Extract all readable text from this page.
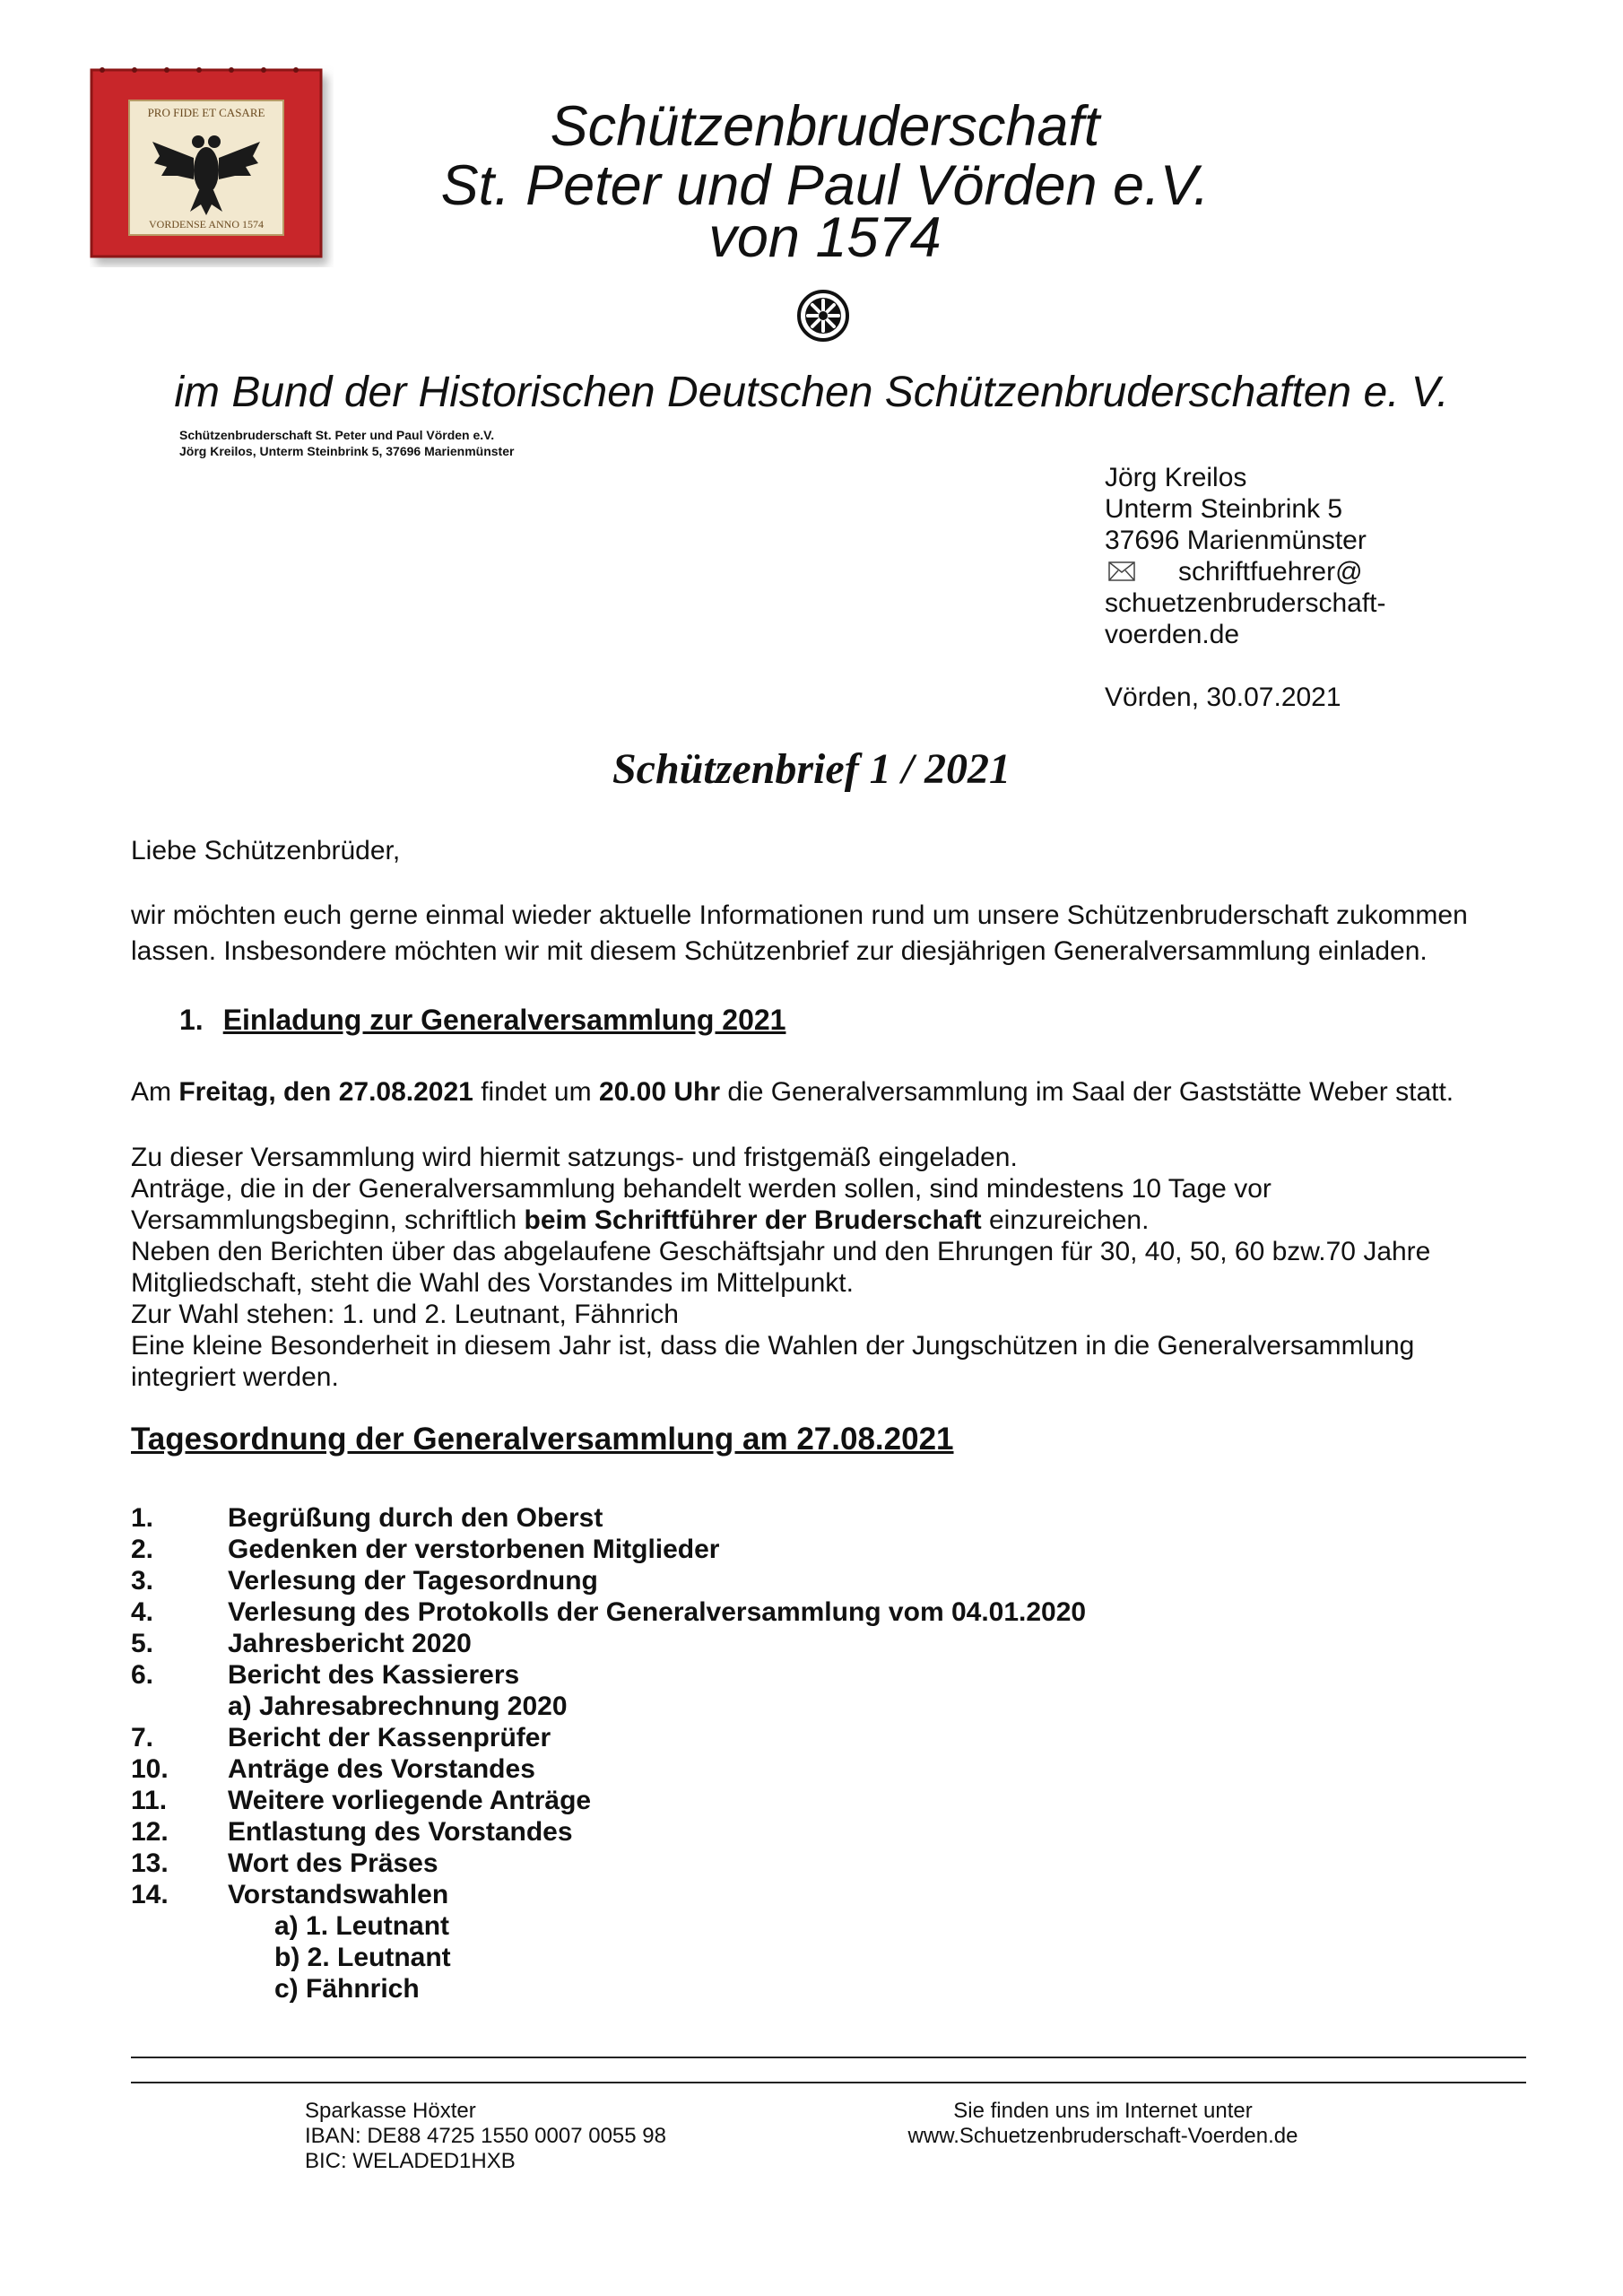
PRO FIDE ET CASARE
VORDENSE ANNO 1574
Schützenbruderschaft
St. Peter und Paul Vörden e.V.
von 1574
im Bund der Historischen Deutschen Schützenbruderschaften e. V.
Schützenbruderschaft St. Peter und Paul Vörden e.V.
Jörg Kreilos, Unterm Steinbrink 5, 37696 Marienmünster
Jörg Kreilos
Unterm Steinbrink 5
37696 Marienmünster
schriftfuehrer@
schuetzenbruderschaft-
voerden.de
Vörden, 30.07.2021
Schützenbrief 1 / 2021
Liebe Schützenbrüder,
wir möchten euch gerne einmal wieder aktuelle Informationen rund um unsere Schützenbruderschaft zukommen
lassen. Insbesondere möchten wir mit diesem Schützenbrief zur diesjährigen Generalversammlung einladen.
1. Einladung zur Generalversammlung 2021
Am Freitag, den 27.08.2021 findet um 20.00 Uhr die Generalversammlung im Saal der Gaststätte Weber statt.
Zu dieser Versammlung wird hiermit satzungs- und fristgemäß eingeladen.
Anträge, die in der Generalversammlung behandelt werden sollen, sind mindestens 10 Tage vor
Versammlungsbeginn, schriftlich beim Schriftführer der Bruderschaft einzureichen.
Neben den Berichten über das abgelaufene Geschäftsjahr und den Ehrungen für 30, 40, 50, 60 bzw.70 Jahre
Mitgliedschaft, steht die Wahl des Vorstandes im Mittelpunkt.
Zur Wahl stehen: 1. und 2. Leutnant, Fähnrich
Eine kleine Besonderheit in diesem Jahr ist, dass die Wahlen der Jungschützen in die Generalversammlung
integriert werden.
Tagesordnung der Generalversammlung am 27.08.2021
1.	Begrüßung durch den Oberst
2.	Gedenken der verstorbenen Mitglieder
3.	Verlesung der Tagesordnung
4.	Verlesung des Protokolls der Generalversammlung vom 04.01.2020
5.	Jahresbericht 2020
6.	Bericht des Kassierers
a) Jahresabrechnung 2020
7.	Bericht der Kassenprüfer
10. Anträge des Vorstandes
11. Weitere vorliegende Anträge
12. Entlastung des Vorstandes
13. Wort des Präses
14. Vorstandswahlen
a) 1. Leutnant
b) 2. Leutnant
c) Fähnrich
Sparkasse Höxter
IBAN: DE88 4725 1550 0007 0055 98
BIC: WELADED1HXB
Sie finden uns im Internet unter
www.Schuetzenbruderschaft-Voerden.de
